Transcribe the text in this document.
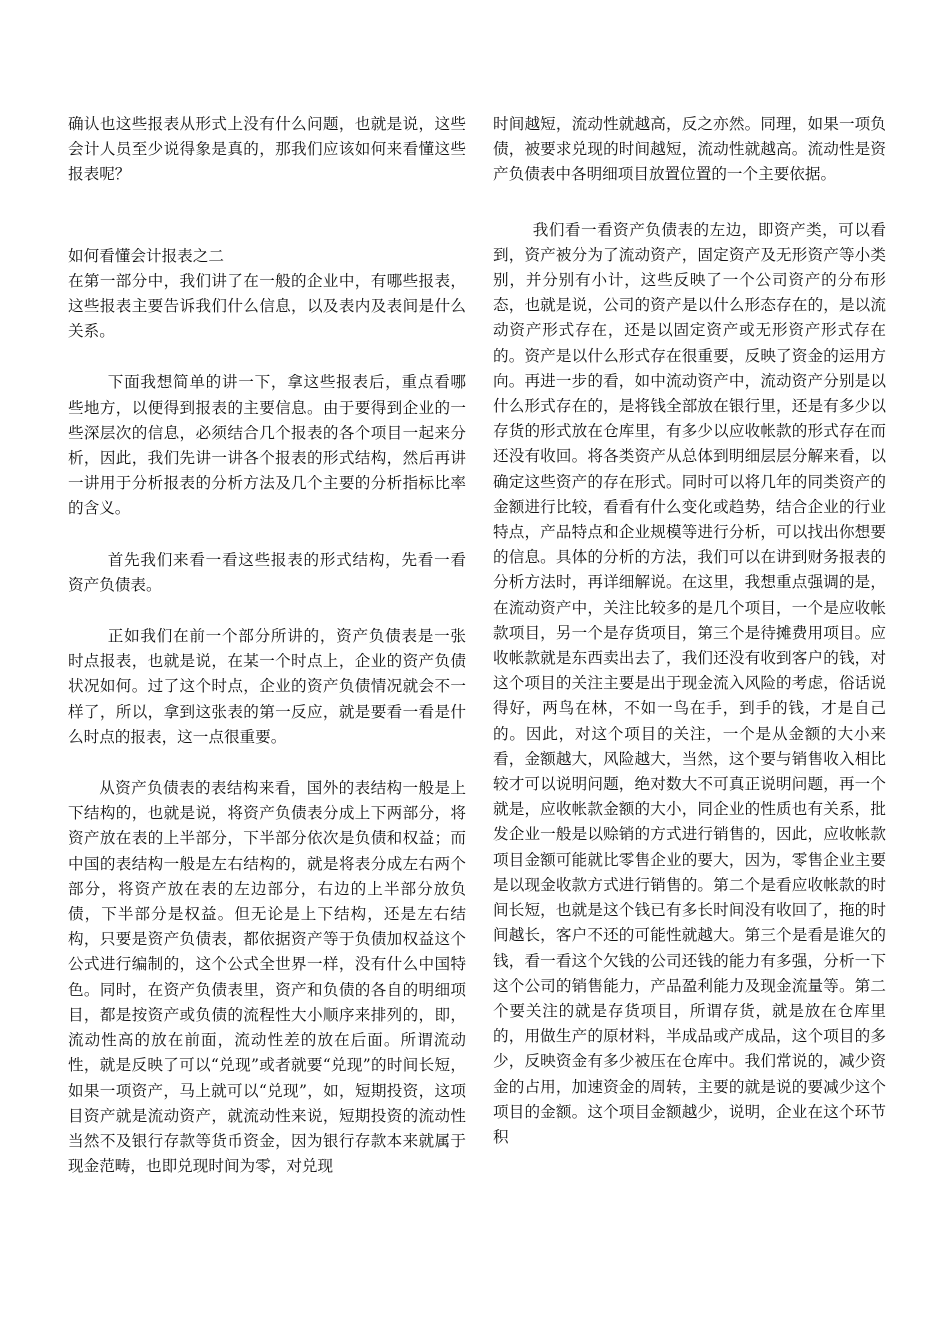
确认也这些报表从形式上没有什么问题，也就是说，这些会计人员至少说得象是真的，那我们应该如何来看懂这些报表呢？

如何看懂会计报表之二

在第一部分中，我们讲了在一般的企业中，有哪些报表，这些报表主要告诉我们什么信息，以及表内及表间是什么关系。

下面我想简单的讲一下，拿这些报表后，重点看哪些地方，以便得到报表的主要信息。由于要得到企业的一些深层次的信息，必须结合几个报表的各个项目一起来分析，因此，我们先讲一讲各个报表的形式结构，然后再讲一讲用于分析报表的分析方法及几个主要的分析指标比率的含义。

首先我们来看一看这些报表的形式结构，先看一看资产负债表。

正如我们在前一个部分所讲的，资产负债表是一张时点报表，也就是说，在某一个时点上，企业的资产负债状况如何。过了这个时点，企业的资产负债情况就会不一样了，所以，拿到这张表的第一反应，就是要看一看是什么时点的报表，这一点很重要。

从资产负债表的表结构来看，国外的表结构一般是上下结构的，也就是说，将资产负债表分成上下两部分，将资产放在表的上半部分，下半部分依次是负债和权益；而中国的表结构一般是左右结构的，就是将表分成左右两个部分，将资产放在表的左边部分，右边的上半部分放负债，下半部分是权益。但无论是上下结构，还是左右结构，只要是资产负债表，都依据资产等于负债加权益这个公式进行编制的，这个公式全世界一样，没有什么中国特色。同时，在资产负债表里，资产和负债的各自的明细项目，都是按资产或负债的流程性大小顺序来排列的，即，流动性高的放在前面，流动性差的放在后面。所谓流动性，就是反映了可以“兑现”或者就要“兑现”的时间长短，如果一项资产，马上就可以“兑现”，如，短期投资，这项目资产就是流动资产，就流动性来说，短期投资的流动性当然不及银行存款等货币资金，因为银行存款本来就属于现金范畴，也即兑现时间为零，对兑现

时间越短，流动性就越高，反之亦然。同理，如果一项负债，被要求兑现的时间越短，流动性就越高。流动性是资产负债表中各明细项目放置位置的一个主要依据。

我们看一看资产负债表的左边，即资产类，可以看到，资产被分为了流动资产，固定资产及无形资产等小类别，并分别有小计，这些反映了一个公司资产的分布形态，也就是说，公司的资产是以什么形态存在的，是以流动资产形式存在，还是以固定资产或无形资产形式存在的。资产是以什么形式存在很重要，反映了资金的运用方向。再进一步的看，如中流动资产中，流动资产分别是以什么形式存在的，是将钱全部放在银行里，还是有多少以存货的形式放在仓库里，有多少以应收帐款的形式存在而还没有收回。将各类资产从总体到明细层层分解来看，以确定这些资产的存在形式。同时可以将几年的同类资产的金额进行比较，看看有什么变化或趋势，结合企业的行业特点，产品特点和企业规模等进行分析，可以找出你想要的信息。具体的分析的方法，我们可以在讲到财务报表的分析方法时，再详细解说。在这里，我想重点强调的是，在流动资产中，关注比较多的是几个项目，一个是应收帐款项目，另一个是存货项目，第三个是待摊费用项目。应收帐款就是东西卖出去了，我们还没有收到客户的钱，对这个项目的关注主要是出于现金流入风险的考虑，俗话说得好，两鸟在林，不如一鸟在手，到手的钱，才是自己的。因此，对这个项目的关注，一个是从金额的大小来看，金额越大，风险越大，当然，这个要与销售收入相比较才可以说明问题，绝对数大不可真正说明问题，再一个就是，应收帐款金额的大小，同企业的性质也有关系，批发企业一般是以赊销的方式进行销售的，因此，应收帐款项目金额可能就比零售企业的要大，因为，零售企业主要是以现金收款方式进行销售的。第二个是看应收帐款的时间长短，也就是这个钱已有多长时间没有收回了，拖的时间越长，客户不还的可能性就越大。第三个是看是谁欠的钱，看一看这个欠钱的公司还钱的能力有多强，分析一下这个公司的销售能力，产品盈利能力及现金流量等。第二个要关注的就是存货项目，所谓存货，就是放在仓库里的，用做生产的原材料，半成品或产成品，这个项目的多少，反映资金有多少被压在仓库中。我们常说的，减少资金的占用，加速资金的周转，主要的就是说的要减少这个项目的金额。这个项目金额越少，说明，企业在这个环节积
